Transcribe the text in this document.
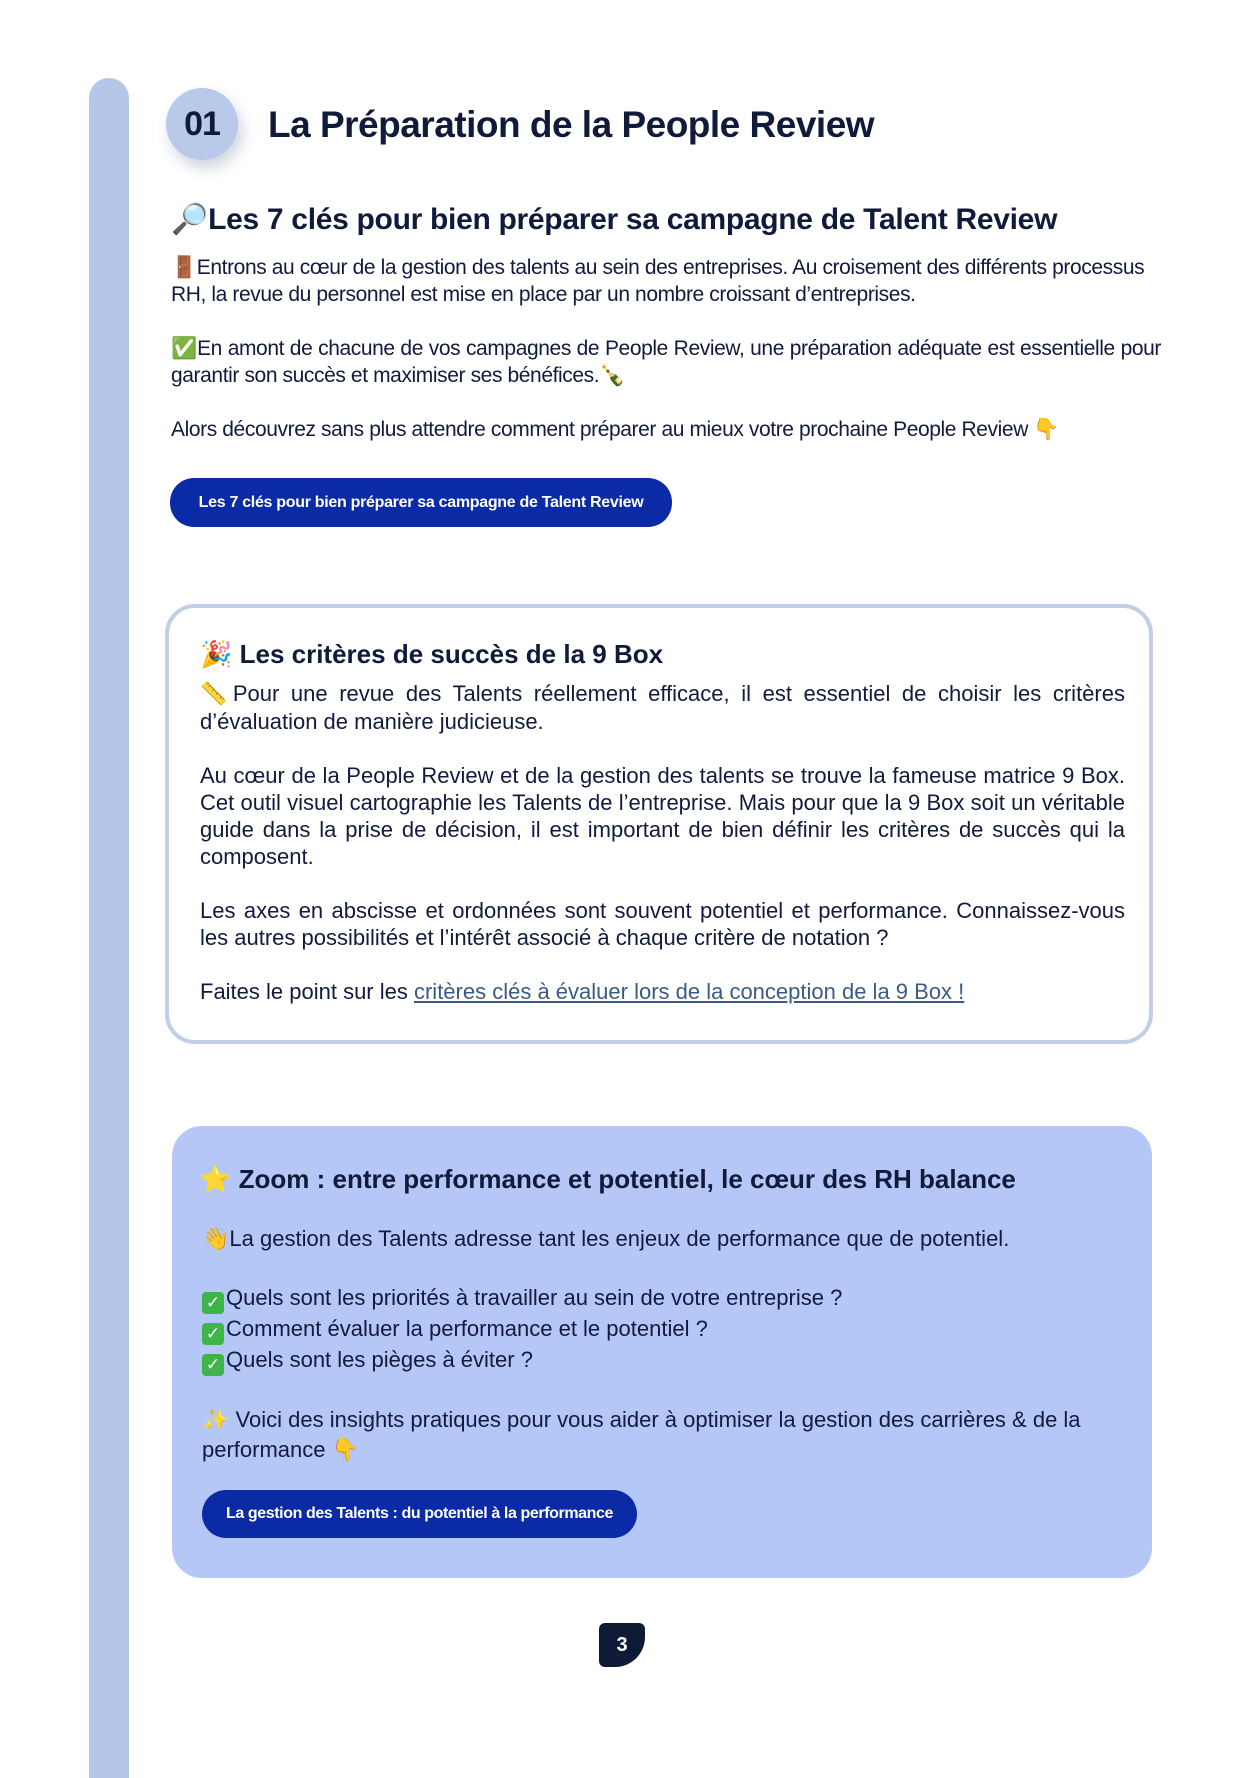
01	La Préparation de la People Review
🔎Les 7 clés pour bien préparer sa campagne de Talent Review

🚪Entrons au cœur de la gestion des talents au sein des entreprises. Au croisement des différents processus RH, la revue du personnel est mise en place par un nombre croissant d’entreprises.

✅En amont de chacune de vos campagnes de People Review, une préparation adéquate est essentielle pour garantir son succès et maximiser ses bénéfices.🍾

Alors découvrez sans plus attendre comment préparer au mieux votre prochaine People Review 👇

Les 7 clés pour bien préparer sa campagne de Talent Review
🎉 Les critères de succès de la 9 Box

📏Pour une revue des Talents réellement efficace, il est essentiel de choisir les critères d’évaluation de manière judicieuse.

Au cœur de la People Review et de la gestion des talents se trouve la fameuse matrice 9 Box. Cet outil visuel cartographie les Talents de l’entreprise. Mais pour que la 9 Box soit un véritable guide dans la prise de décision, il est important de bien définir les critères de succès qui la composent.

Les axes en abscisse et ordonnées sont souvent potentiel et performance. Connaissez-vous les autres possibilités et l’intérêt associé à chaque critère de notation ?

Faites le point sur les critères clés à évaluer lors de la conception de la 9 Box !

⭐ Zoom : entre performance et potentiel, le cœur des RH balance

👋La gestion des Talents adresse tant les enjeux de performance que de potentiel.

✓ Quels sont les priorités à travailler au sein de votre entreprise ?
✓ Comment évaluer la performance et le potentiel ?
✓ Quels sont les pièges à éviter ?

✨ Voici des insights pratiques pour vous aider à optimiser la gestion des carrières & de la performance 👇

La gestion des Talents : du potentiel à la performance
3
